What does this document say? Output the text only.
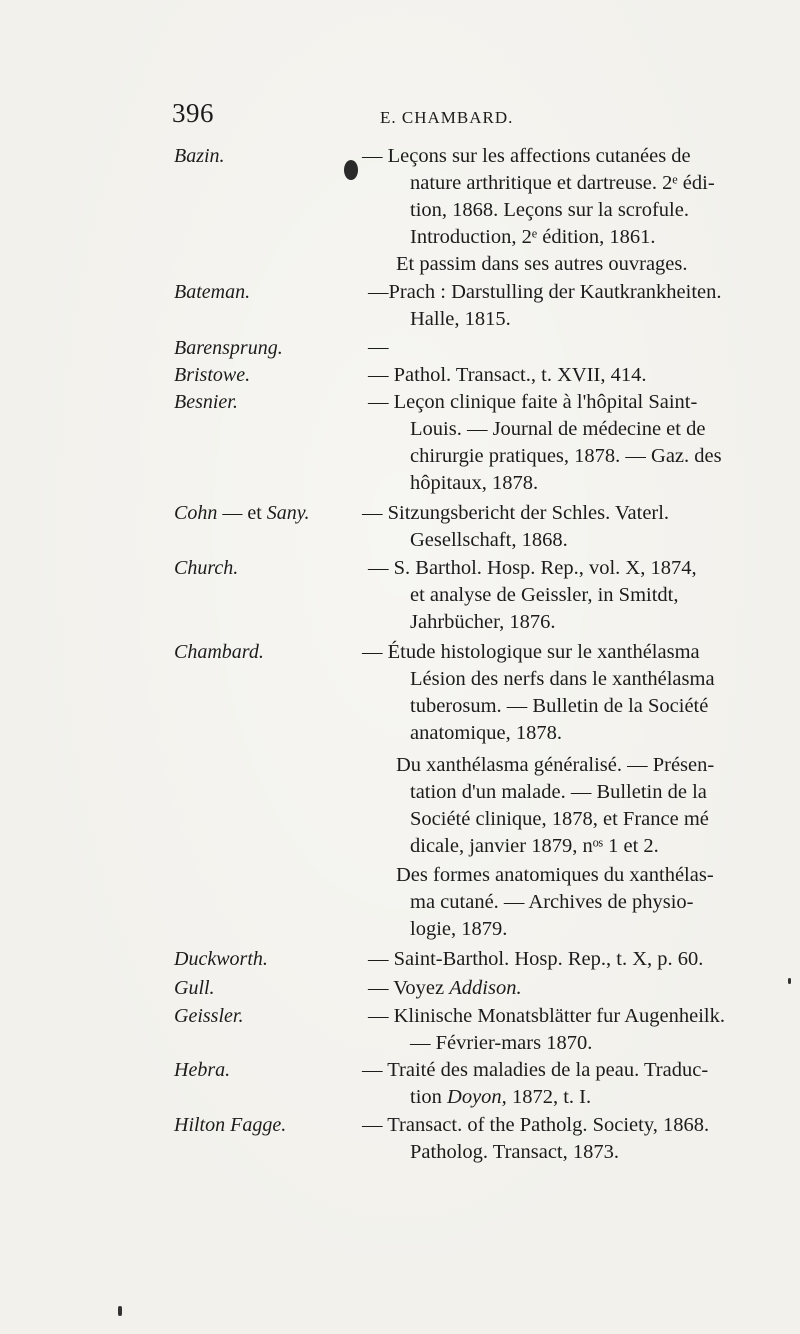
396	E. CHAMBARD.
Bazin.	— Leçons sur les affections cutanées de
nature arthritique et dartreuse. 2ᵉ édi-
tion, 1868. Leçons sur la scrofule.
Introduction, 2ᵉ édition, 1861.
Et passim dans ses autres ouvrages.
Bateman.	—Prach : Darstulling der Kautkrankheiten.
Halle, 1815.
Barensprung.	—
Bristowe.	— Pathol. Transact., t. XVII, 414.
Besnier.	— Leçon clinique faite à l'hôpital Saint-
Louis. — Journal de médecine et de
chirurgie pratiques, 1878. — Gaz. des
hôpitaux, 1878.
Cohn — et Sany.	— Sitzungsbericht der Schles. Vaterl.
Gesellschaft, 1868.
Church.	— S. Barthol. Hosp. Rep., vol. X, 1874,
et analyse de Geissler, in Smitdt,
Jahrbücher, 1876.
Chambard.	— Étude histologique sur le xanthélasma
Lésion des nerfs dans le xanthélasma
tuberosum. — Bulletin de la Société
anatomique, 1878.
Du xanthélasma généralisé. — Présen-
tation d'un malade. — Bulletin de la
Société clinique, 1878, et France mé
dicale, janvier 1879, nᵒˢ 1 et 2.
Des formes anatomiques du xanthélas-
ma cutané. — Archives de physio-
logie, 1879.
Duckworth.	— Saint-Barthol. Hosp. Rep., t. X, p. 60.
Gull.	— Voyez Addison.
Geissler.	— Klinische Monatsblätter fur Augenheilk.
— Février-mars 1870.
Hebra.	— Traité des maladies de la peau. Traduc-
tion Doyon, 1872, t. I.
Hilton Fagge.	— Transact. of the Patholg. Society, 1868.
Patholog. Transact, 1873.
